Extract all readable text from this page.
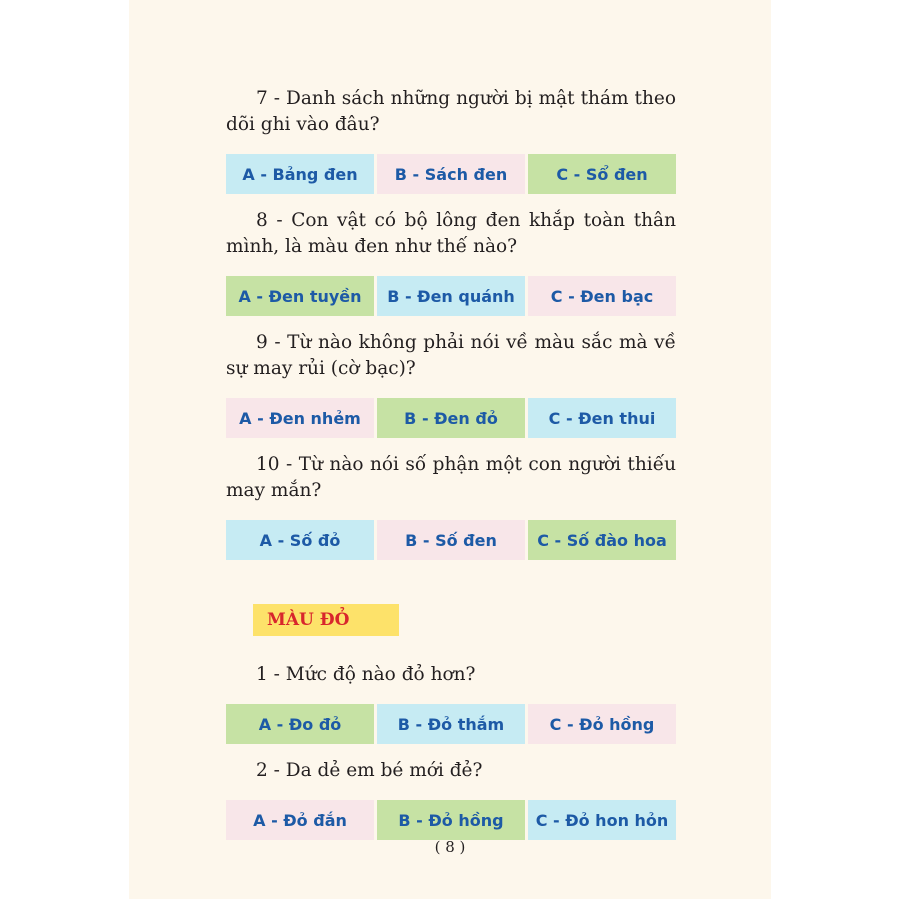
7 - Danh sách những người bị mật thám theo dõi ghi vào đâu?

A - Bảng đen	B - Sách đen	C - Sổ đen

8 - Con vật có bộ lông đen khắp toàn thân mình, là màu đen như thế nào?

A - Đen tuyền	B - Đen quánh	C - Đen bạc

9 - Từ nào không phải nói về màu sắc mà về sự may rủi (cờ bạc)?

A - Đen nhẻm	B - Đen đỏ	C - Đen thui

10 - Từ nào nói số phận một con người thiếu may mắn?

A - Số đỏ	B - Số đen	C - Số đào hoa
MÀU ĐỎ

1 - Mức độ nào đỏ hơn?

A - Đo đỏ	B - Đỏ thắm	C - Đỏ hồng

2 - Da dẻ em bé mới đẻ?

A - Đỏ đắn	B - Đỏ hồng	C - Đỏ hon hỏn
( 8 )
